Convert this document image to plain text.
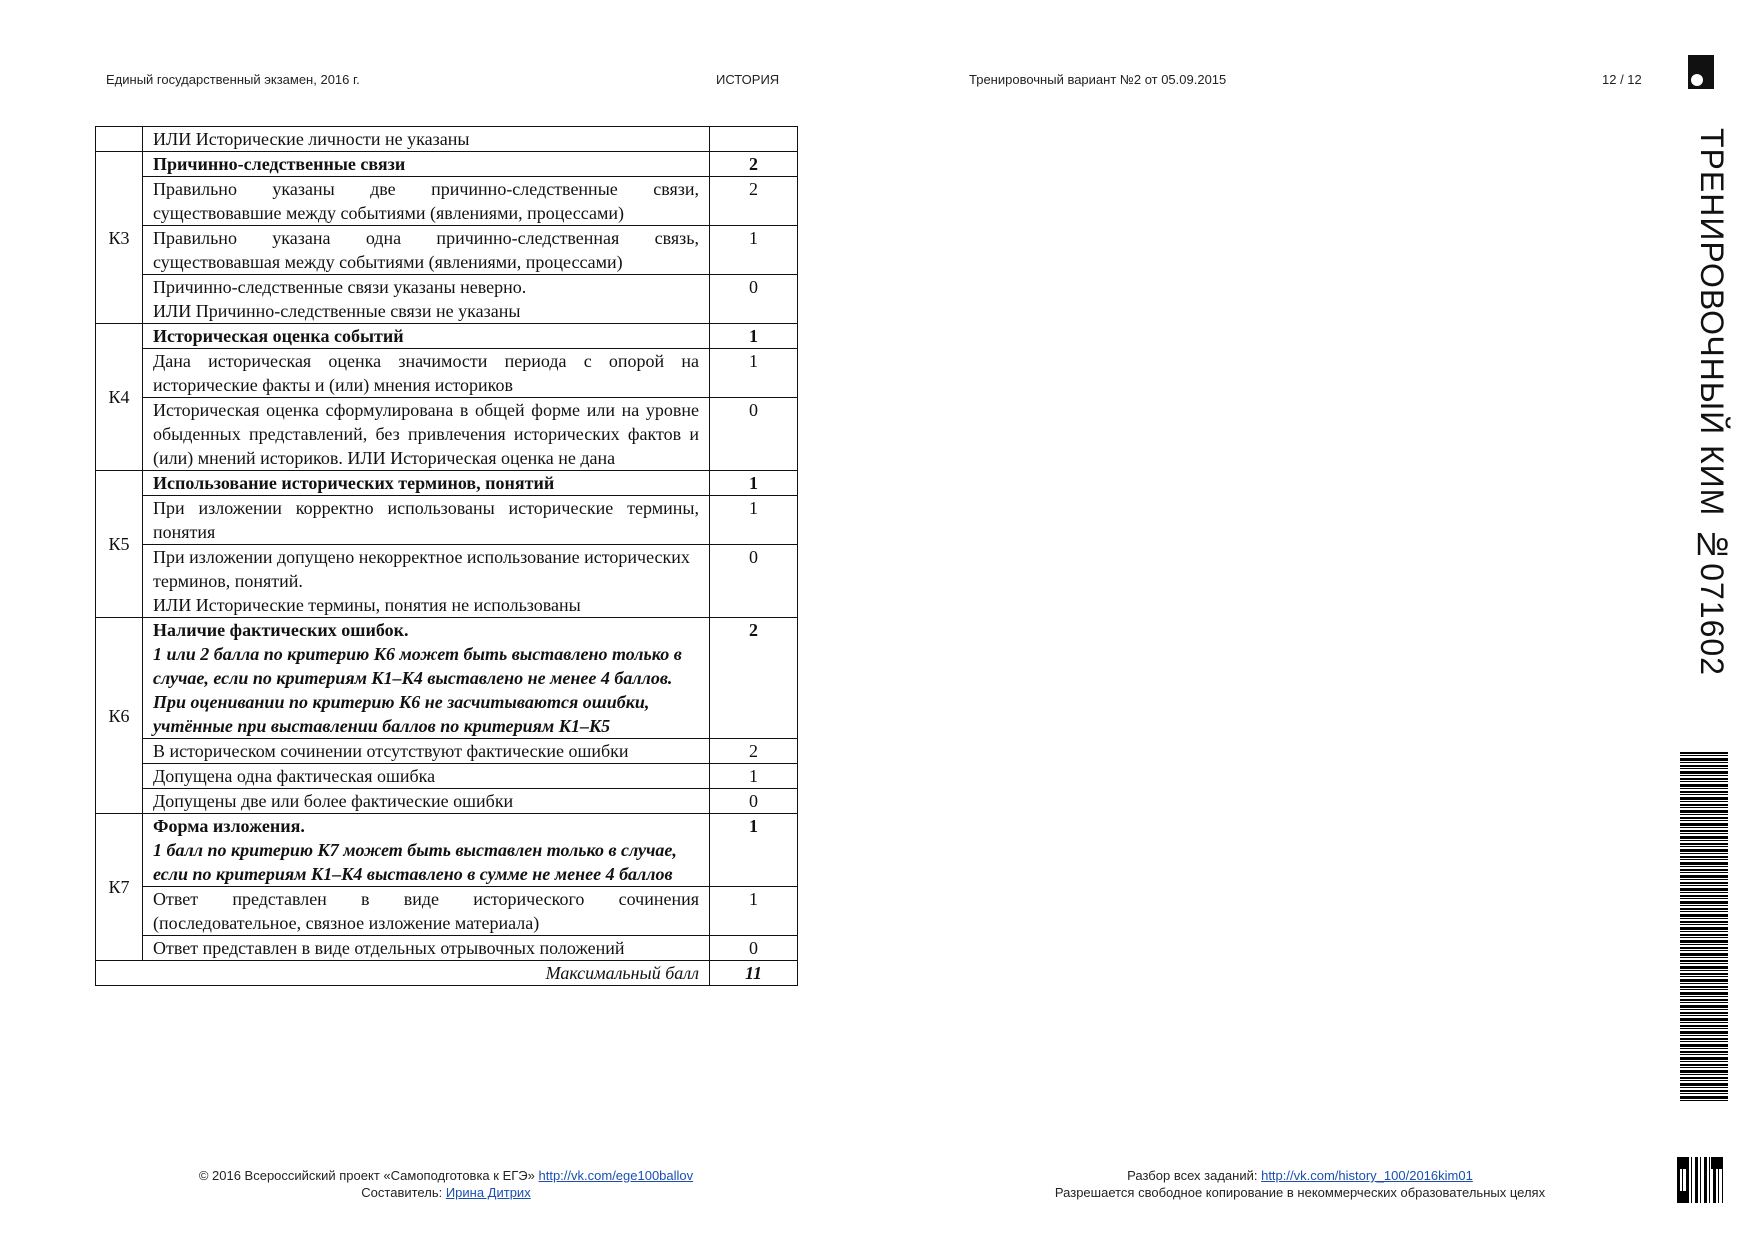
Единый государственный экзамен, 2016 г.	ИСТОРИЯ	Тренировочный вариант №2 от 05.09.2015	12 / 12
ТРЕНИРОВОЧНЫЙ КИМ №071602
	ИЛИ Исторические личности не указаны	
К3	Причинно-следственные связи	2
	Правильно указаны две причинно-следственные связи, существовавшие между событиями (явлениями, процессами)	2
	Правильно указана одна причинно-следственная связь, существовавшая между событиями (явлениями, процессами)	1

	Причинно-следственные связи указаны неверно.
ИЛИ Причинно-следственные связи не указаны	0
К4	Историческая оценка событий	1
	Дана историческая оценка значимости периода с опорой на исторические факты и (или) мнения историков	1
	Историческая оценка сформулирована в общей форме или на уровне обыденных представлений, без привлечения исторических фактов и (или) мнений историков. ИЛИ Историческая оценка не дана	0
К5	Использование исторических терминов, понятий	1
	При изложении корректно использованы исторические термины, понятия	1

	При изложении допущено некорректное использование исторических терминов, понятий.
ИЛИ Исторические термины, понятия не использованы	0
К6	Наличие фактических ошибок.
1 или 2 балла по критерию К6 может быть выставлено только в случае, если по критериям К1–К4 выставлено не менее 4 баллов.
При оценивании по критерию К6 не засчитываются ошибки, учтённые при выставлении баллов по критериям К1–К5	2
	В историческом сочинении отсутствуют фактические ошибки	2
	Допущена одна фактическая ошибка	1
	Допущены две или более фактические ошибки	0
К7	Форма изложения.
1 балл по критерию К7 может быть выставлен только в случае, если по критериям К1–К4 выставлено в сумме не менее 4 баллов	1
	Ответ представлен в виде исторического сочинения (последовательное, связное изложение материала)	1
	Ответ представлен в виде отдельных отрывочных положений	0
Максимальный балл		11
© 2016 Всероссийский проект «Самоподготовка к ЕГЭ» http://vk.com/ege100ballov
Составитель: Ирина Дитрих
Разбор всех заданий: http://vk.com/history_100/2016kim01
Разрешается свободное копирование в некоммерческих образовательных целях
